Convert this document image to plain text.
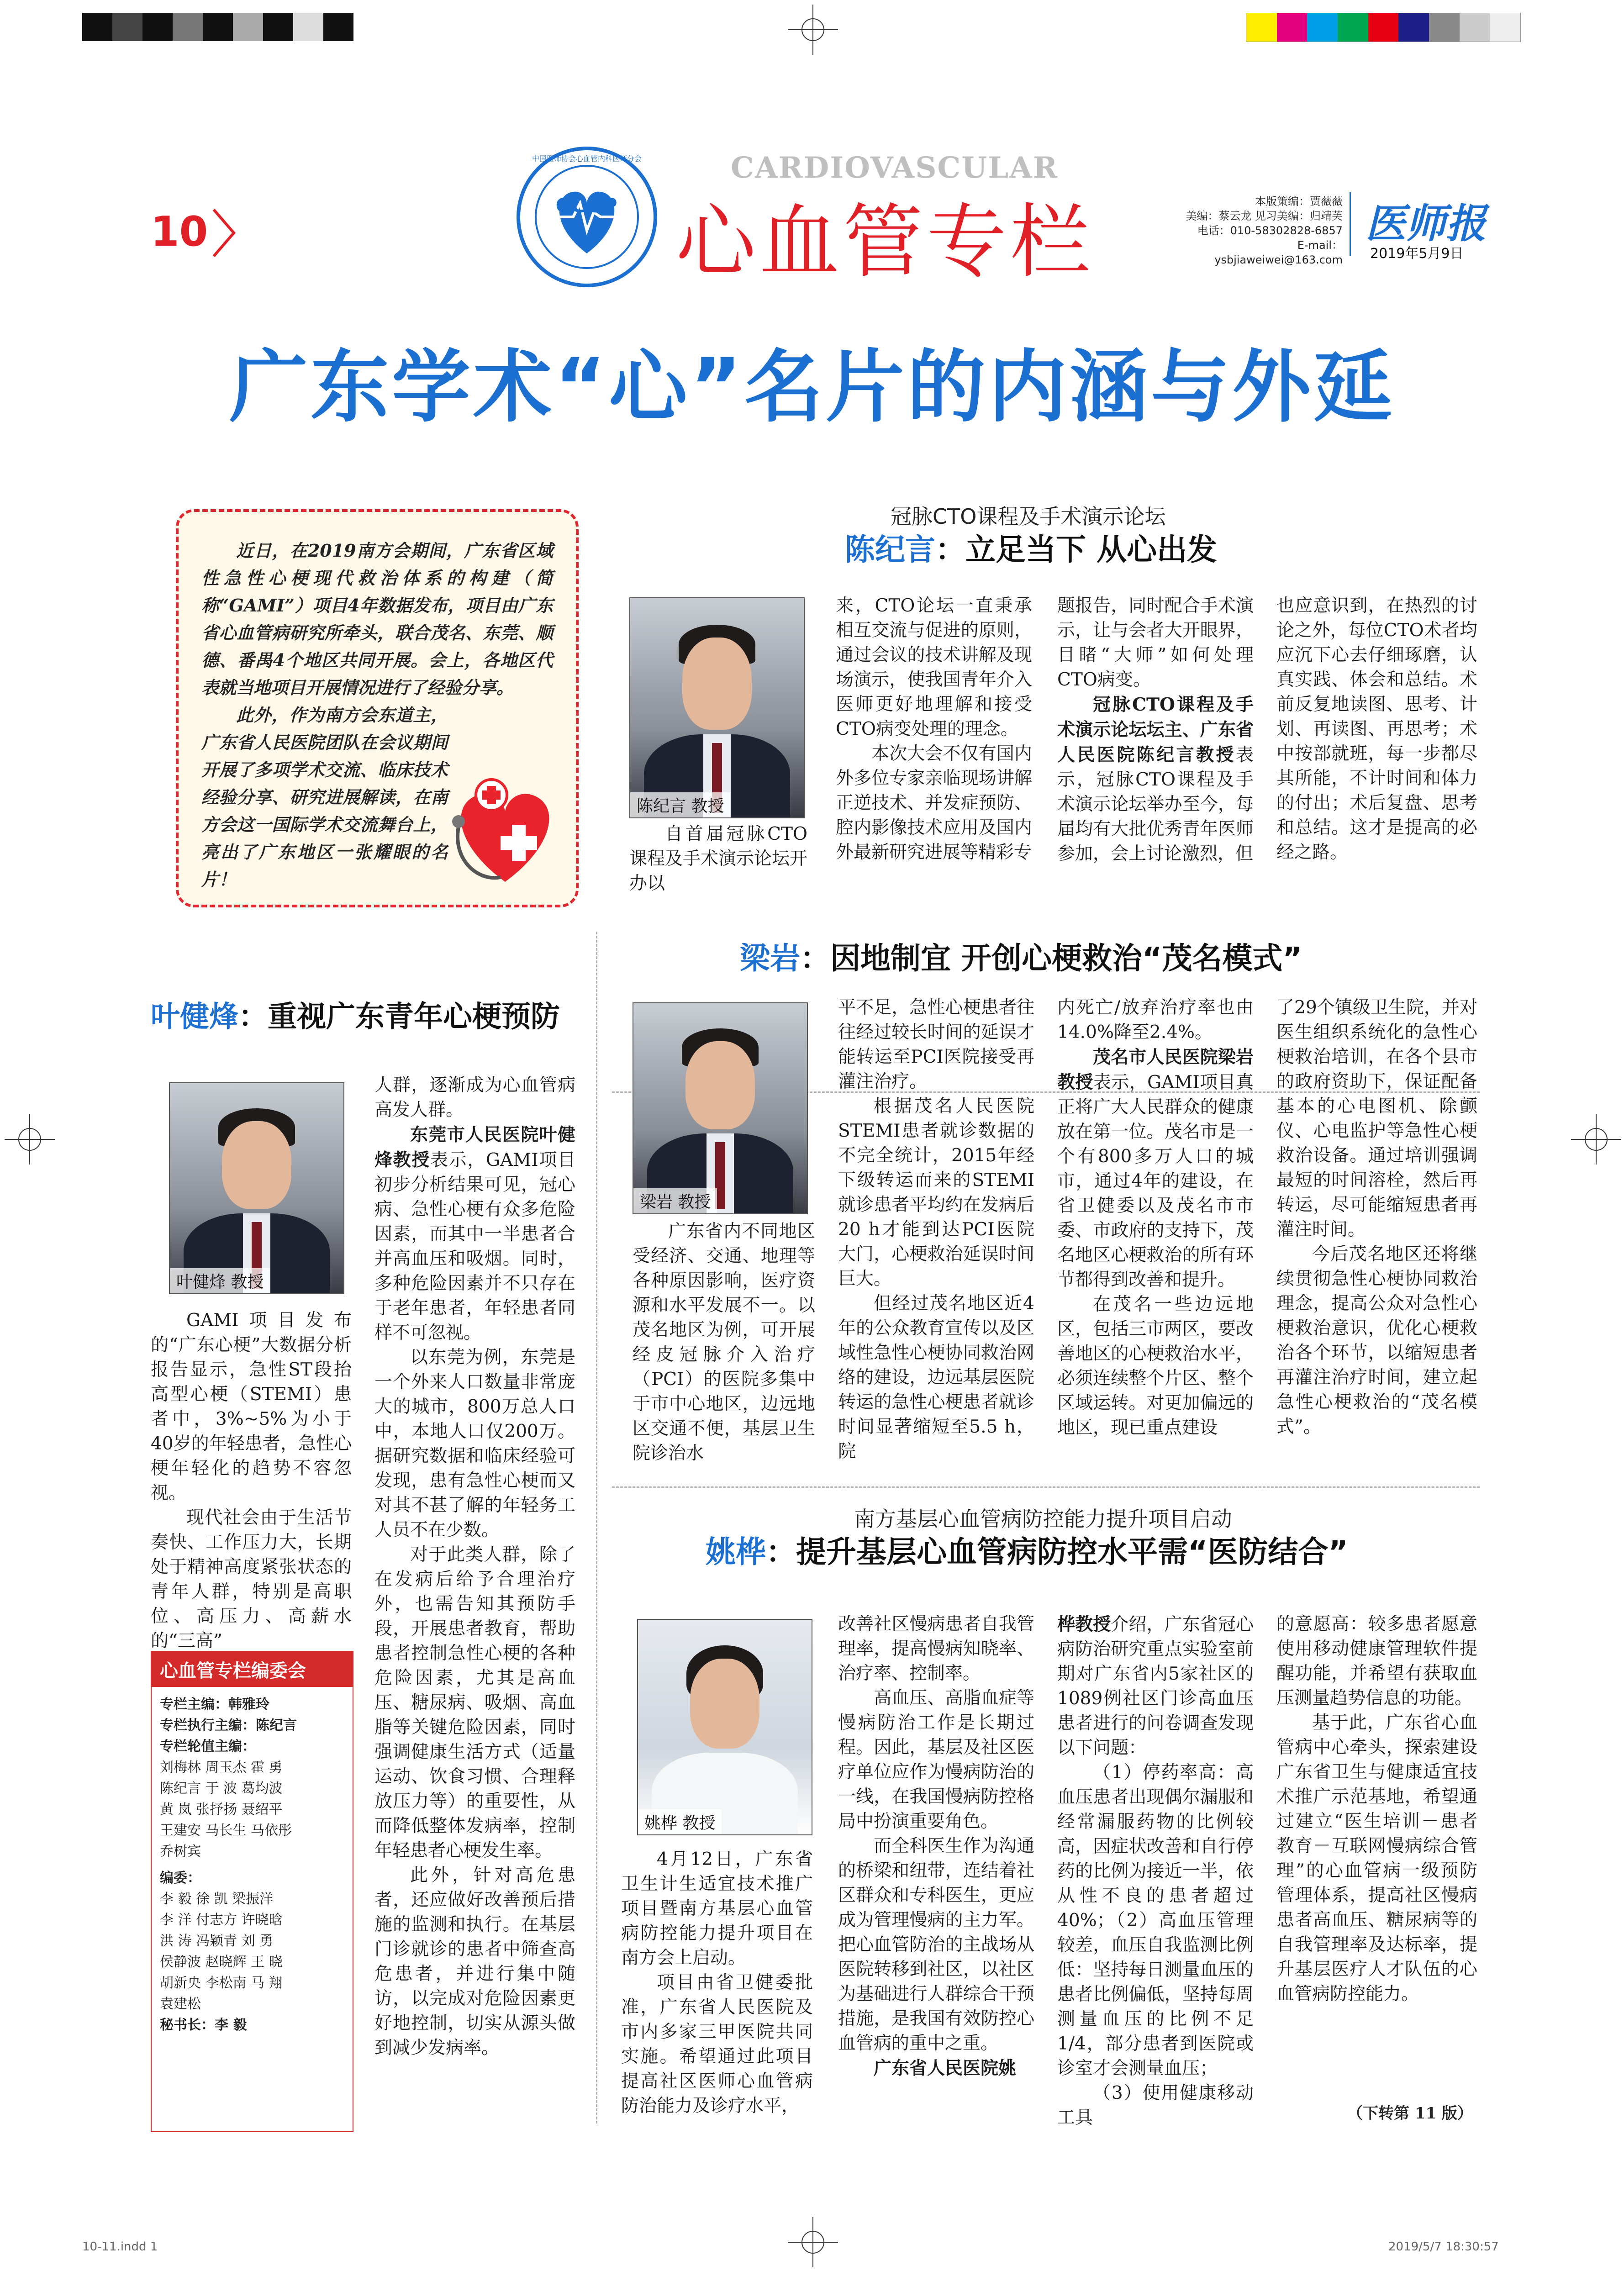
10
CCCP
中国医师协会心血管内科医师分会	CARDIOVASCULAR
心血管专栏	本版策编：贾薇薇
美编：蔡云龙 见习美编：归靖芙
电话：010-58302828-6857
E-mail：ysbjiaweiwei@163.com
医师报
2019年5月9日
广东学术“心”名片的内涵与外延

近日，在2019南方会期间，广东省区域性急性心梗现代救治体系的构建（简称“GAMI”）项目4年数据发布，项目由广东省心血管病研究所牵头，联合茂名、东莞、顺德、番禺4个地区共同开展。会上，各地区代表就当地项目开展情况进行了经验分享。

此外，作为南方会东道主，广东省人民医院团队在会议期间开展了多项学术交流、临床技术经验分享、研究进展解读，在南方会这一国际学术交流舞台上，亮出了广东地区一张耀眼的名片！

冠脉CTO课程及手术演示论坛
陈纪言：立足当下 从心出发
陈纪言 教授

自首届冠脉CTO课程及手术演示论坛开办以

来，CTO论坛一直秉承相互交流与促进的原则，通过会议的技术讲解及现场演示，使我国青年介入医师更好地理解和接受CTO病变处理的理念。

本次大会不仅有国内外多位专家亲临现场讲解正逆技术、并发症预防、腔内影像技术应用及国内外最新研究进展等精彩专

题报告，同时配合手术演示，让与会者大开眼界，目睹“大师”如何处理CTO病变。

冠脉CTO课程及手术演示论坛坛主、广东省人民医院陈纪言教授表示，冠脉CTO课程及手术演示论坛举办至今，每届均有大批优秀青年医师参加，会上讨论激烈，但

也应意识到，在热烈的讨论之外，每位CTO术者均应沉下心去仔细琢磨，认真实践、体会和总结。术前反复地读图、思考、计划、再读图、再思考；术中按部就班，每一步都尽其所能，不计时间和体力的付出；术后复盘、思考和总结。这才是提高的必经之路。

梁岩：因地制宜 开创心梗救治“茂名模式”
梁岩 教授

广东省内不同地区受经济、交通、地理等各种原因影响，医疗资源和水平发展不一。以茂名地区为例，可开展经皮冠脉介入治疗（PCI）的医院多集中于市中心地区，边远地区交通不便，基层卫生院诊治水

平不足，急性心梗患者往往经过较长时间的延误才能转运至PCI医院接受再灌注治疗。

根据茂名人民医院STEMI患者就诊数据的不完全统计，2015年经下级转运而来的STEMI就诊患者平均约在发病后20 h才能到达PCI医院大门，心梗救治延误时间巨大。

但经过茂名地区近4年的公众教育宣传以及区域性急性心梗协同救治网络的建设，边远基层医院转运的急性心梗患者就诊时间显著缩短至5.5 h，院

内死亡/放弃治疗率也由14.0%降至2.4%。

茂名市人民医院梁岩教授表示，GAMI项目真正将广大人民群众的健康放在第一位。茂名市是一个有800多万人口的城市，通过4年的建设，在省卫健委以及茂名市市委、市政府的支持下，茂名地区心梗救治的所有环节都得到改善和提升。

在茂名一些边远地区，包括三市两区，要改善地区的心梗救治水平，必须连续整个片区、整个区域运转。对更加偏远的地区，现已重点建设

了29个镇级卫生院，并对医生组织系统化的急性心梗救治培训，在各个县市的政府资助下，保证配备基本的心电图机、除颤仪、心电监护等急性心梗救治设备。通过培训强调最短的时间溶栓，然后再转运，尽可能缩短患者再灌注时间。

今后茂名地区还将继续贯彻急性心梗协同救治理念，提高公众对急性心梗救治意识，优化心梗救治各个环节，以缩短患者再灌注治疗时间，建立起急性心梗救治的“茂名模式”。

叶健烽：重视广东青年心梗预防
叶健烽 教授

GAMI项目发布的“广东心梗”大数据分析报告显示，急性ST段抬高型心梗（STEMI）患者中，3%~5%为小于40岁的年轻患者，急性心梗年轻化的趋势不容忽视。

现代社会由于生活节奏快、工作压力大，长期处于精神高度紧张状态的青年人群，特别是高职位、高压力、高薪水的“三高”

人群，逐渐成为心血管病高发人群。

东莞市人民医院叶健烽教授表示，GAMI项目初步分析结果可见，冠心病、急性心梗有众多危险因素，而其中一半患者合并高血压和吸烟。同时，多种危险因素并不只存在于老年患者，年轻患者同样不可忽视。

以东莞为例，东莞是一个外来人口数量非常庞大的城市，800万总人口中，本地人口仅200万。据研究数据和临床经验可发现，患有急性心梗而又对其不甚了解的年轻务工人员不在少数。

对于此类人群，除了在发病后给予合理治疗外，也需告知其预防手段，开展患者教育，帮助患者控制急性心梗的各种危险因素，尤其是高血压、糖尿病、吸烟、高血脂等关键危险因素，同时强调健康生活方式（适量运动、饮食习惯、合理释放压力等）的重要性，从而降低整体发病率，控制年轻患者心梗发生率。

此外，针对高危患者，还应做好改善预后措施的监测和执行。在基层门诊就诊的患者中筛查高危患者，并进行集中随访，以完成对危险因素更好地控制，切实从源头做到减少发病率。

心血管专栏编委会
专栏主编：韩雅玲
专栏执行主编：陈纪言
专栏轮值主编：
刘梅林 周玉杰 霍 勇
陈纪言 于 波 葛均波
黄 岚 张抒扬 聂绍平
王建安 马长生 马依彤
乔树宾
编委：
李 毅 徐 凯 梁振洋
李 洋 付志方 许晓晗
洪 涛 冯颖青 刘 勇
侯静波 赵晓辉 王 晓
胡新央 李松南 马 翔
袁建松
秘书长：李 毅
南方基层心血管病防控能力提升项目启动
姚桦：提升基层心血管病防控水平需“医防结合”
姚桦 教授

4月12日，广东省卫生计生适宜技术推广项目暨南方基层心血管病防控能力提升项目在南方会上启动。

项目由省卫健委批准，广东省人民医院及市内多家三甲医院共同实施。希望通过此项目提高社区医师心血管病防治能力及诊疗水平，

改善社区慢病患者自我管理率，提高慢病知晓率、治疗率、控制率。

高血压、高脂血症等慢病防治工作是长期过程。因此，基层及社区医疗单位应作为慢病防治的一线，在我国慢病防控格局中扮演重要角色。

而全科医生作为沟通的桥梁和纽带，连结着社区群众和专科医生，更应成为管理慢病的主力军。把心血管防治的主战场从医院转移到社区，以社区为基础进行人群综合干预措施，是我国有效防控心血管病的重中之重。

广东省人民医院姚

桦教授介绍，广东省冠心病防治研究重点实验室前期对广东省内5家社区的1089例社区门诊高血压患者进行的问卷调查发现以下问题：

（1）停药率高：高血压患者出现偶尔漏服和经常漏服药物的比例较高，因症状改善和自行停药的比例为接近一半，依从性不良的患者超过40%；（2）高血压管理较差，血压自我监测比例低：坚持每日测量血压的患者比例偏低，坚持每周测量血压的比例不足1/4，部分患者到医院或诊室才会测量血压；

（3）使用健康移动工具

的意愿高：较多患者愿意使用移动健康管理软件提醒功能，并希望有获取血压测量趋势信息的功能。

基于此，广东省心血管病中心牵头，探索建设广东省卫生与健康适宜技术推广示范基地，希望通过建立“医生培训－患者教育－互联网慢病综合管理”的心血管病一级预防管理体系，提高社区慢病患者高血压、糖尿病等的自我管理率及达标率，提升基层医疗人才队伍的心血管病防控能力。

（下转第 11 版）
10-11.indd 1	2019/5/7 18:30:57
